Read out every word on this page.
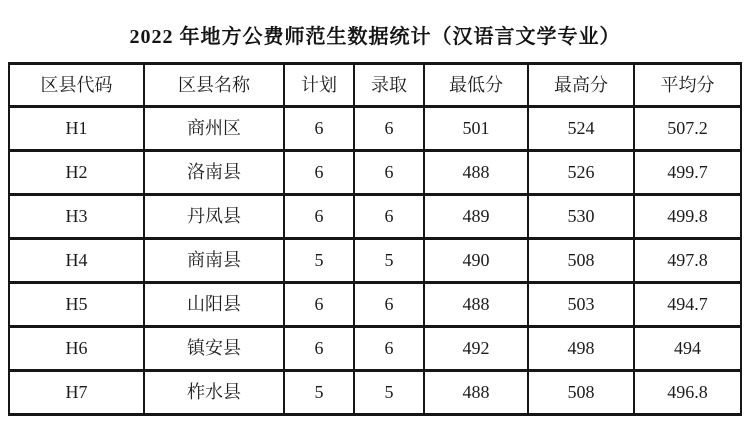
2022 年地方公费师范生数据统计（汉语言文学专业）
区县代码	区县名称	计划	录取	最低分	最高分	平均分
H1	商州区	6	6	501	524	507.2
H2	洛南县	6	6	488	526	499.7
H3	丹凤县	6	6	489	530	499.8
H4	商南县	5	5	490	508	497.8
H5	山阳县	6	6	488	503	494.7
H6	镇安县	6	6	492	498	494
H7	柞水县	5	5	488	508	496.8
